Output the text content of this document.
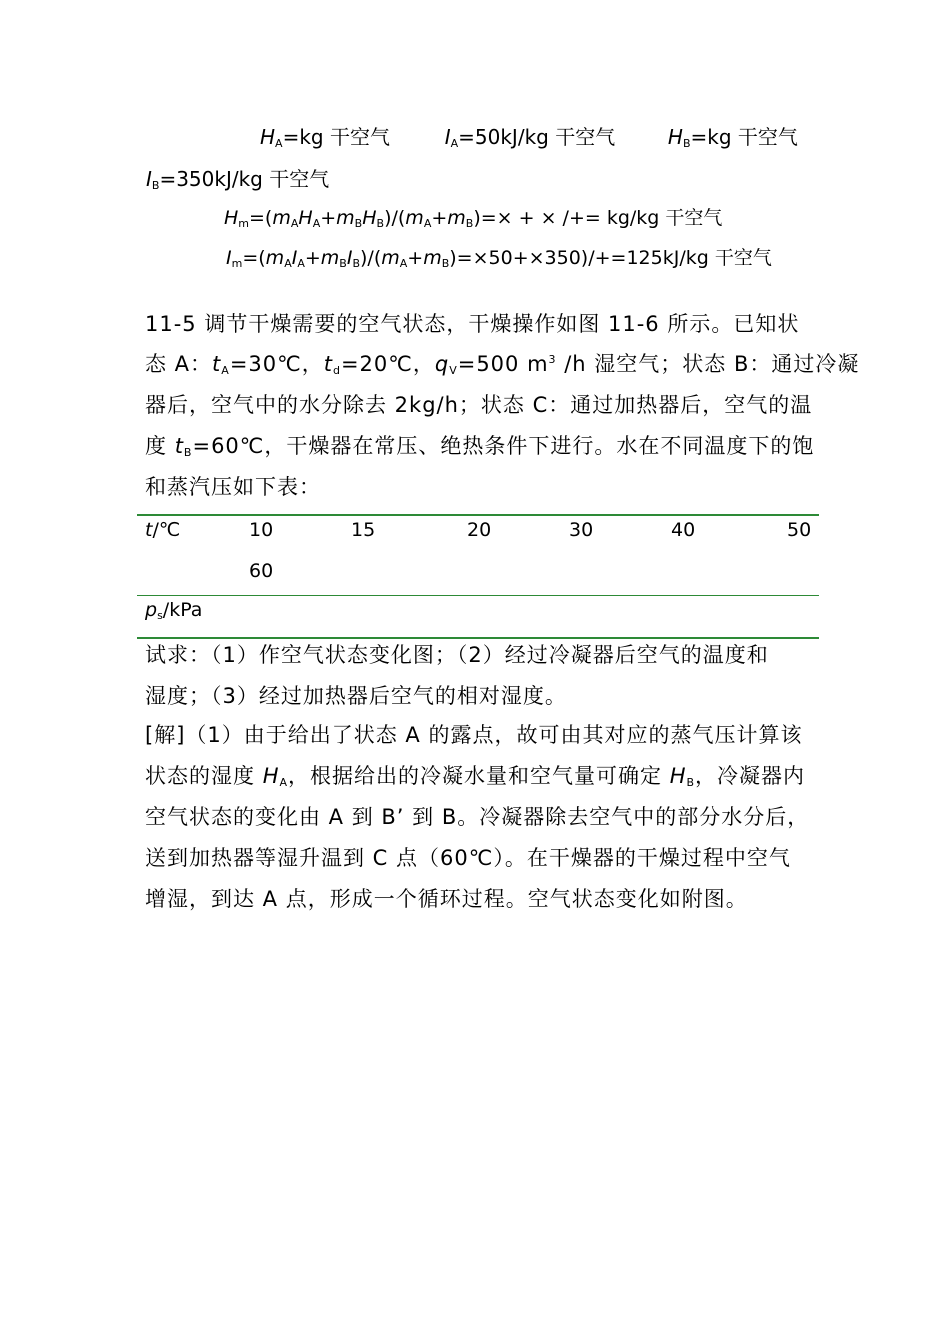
$H_A=kg$ 干空气	$I_A=50kJ/kg$ 干空气	$H_B=kg$ 干空气
$I_B=350kJ/kg$ 干空气
$H_m=(m_AH_A+m_BH_B)/(m_A+m_B)=\times$ + × /+= kg/kg 干空气
$I_m=(m_AI_A+m_BI_B)/(m_A+m_B)=\times 50+\times 350)/+=125kJ/kg$ 干空气
11-5 调节干燥需要的空气状态，干燥操作如图 11-6 所示。已知状
态 A：$t_A=30℃$，$t_d=20℃$，$q_V=500$ $m^3$ /h 湿空气；状态 B：通过冷凝
器后，空气中的水分除去 2kg/h；状态 C：通过加热器后，空气的温
度 $t_B=60℃$，干燥器在常压、绝热条件下进行。水在不同温度下的饱
和蒸汽压如下表：
t/℃	10	15	20	30	40	50
60
$p_s$/kPa
试求：（1）作空气状态变化图；（2）经过冷凝器后空气的温度和
湿度；（3）经过加热器后空气的相对湿度。
[解]（1）由于给出了状态 A 的露点，故可由其对应的蒸气压计算该
状态的湿度 $H_A$，根据给出的冷凝水量和空气量可确定 $H_B$，冷凝器内
空气状态的变化由 A 到 B’ 到 B。冷凝器除去空气中的部分水分后，
送到加热器等湿升温到 C 点（60℃）。在干燥器的干燥过程中空气
增湿，到达 A 点，形成一个循环过程。空气状态变化如附图。
